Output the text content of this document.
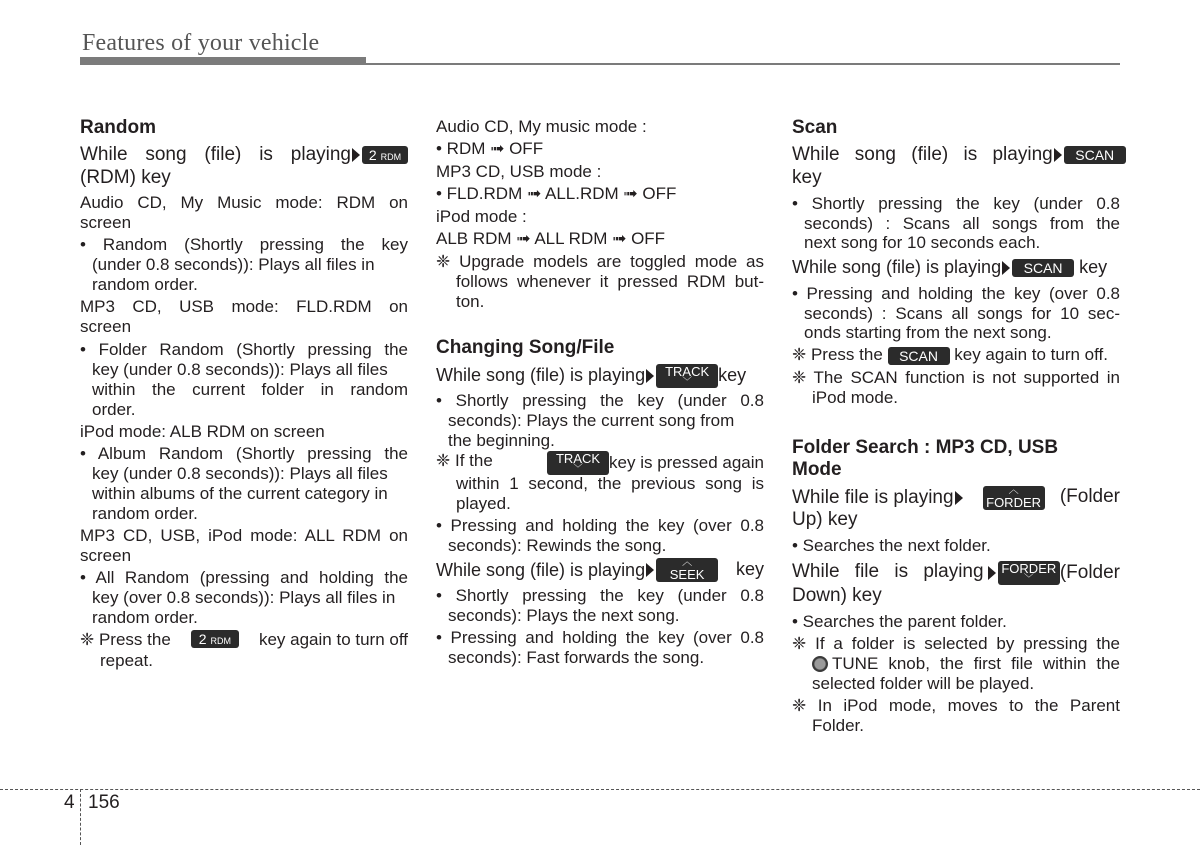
Features of your vehicle
Random
While song (file) is playing 2 RDM
(RDM) key
Audio CD, My Music mode: RDM on
screen
• Random (Shortly pressing the key
(under 0.8 seconds)): Plays all files in
random order.
MP3 CD, USB mode: FLD.RDM on
screen
• Folder Random (Shortly pressing the
key (under 0.8 seconds)): Plays all files
within the current folder in random
order.
iPod mode: ALB RDM on screen
• Album Random (Shortly pressing the
key (under 0.8 seconds)): Plays all files
within albums of the current category in
random order.
MP3 CD, USB, iPod mode: ALL RDM on
screen
• All Random (pressing and holding the
key (over 0.8 seconds)): Plays all files in
random order.
❈ Press the	2 RDM	key again to turn off
repeat.
Audio CD, My music mode :
• RDM ➟ OFF
MP3 CD, USB mode :
• FLD.RDM ➟ ALL.RDM ➟ OFF
iPod mode :
ALB RDM ➟ ALL RDM ➟ OFF
❈ Upgrade models are toggled mode as
follows whenever it pressed RDM but-
ton.
Changing Song/File
While song (file) is playing	TRACK
﹀	key
• Shortly pressing the key (under 0.8
seconds): Plays the current song from
the beginning.
❈ If the	TRACK
﹀	key is pressed again
within 1 second, the previous song is
played.
• Pressing and holding the key (over 0.8
seconds): Rewinds the song.
While song (file) is playing	︿
SEEK	key
• Shortly pressing the key (under 0.8
seconds): Plays the next song.
• Pressing and holding the key (over 0.8
seconds): Fast forwards the song.
Scan
While song (file) is playing	SCAN
key
• Shortly pressing the key (under 0.8
seconds) : Scans all songs from the
next song for 10 seconds each.
While song (file) is playing SCAN key
• Pressing and holding the key (over 0.8
seconds) : Scans all songs for 10 sec-
onds starting from the next song.
❈ Press the SCAN key again to turn off.
❈ The SCAN function is not supported in
iPod mode.
Folder Search : MP3 CD, USB
Mode
While file is playing	︿
FORDER (Folder
Up) key
• Searches the next folder.
While file is playing FORDER
﹀	(Folder
Down) key
• Searches the parent folder.
❈ If a folder is selected by pressing the
TUNE knob, the first file within the
selected folder will be played.
❈ In iPod mode, moves to the Parent
Folder.
4 156
